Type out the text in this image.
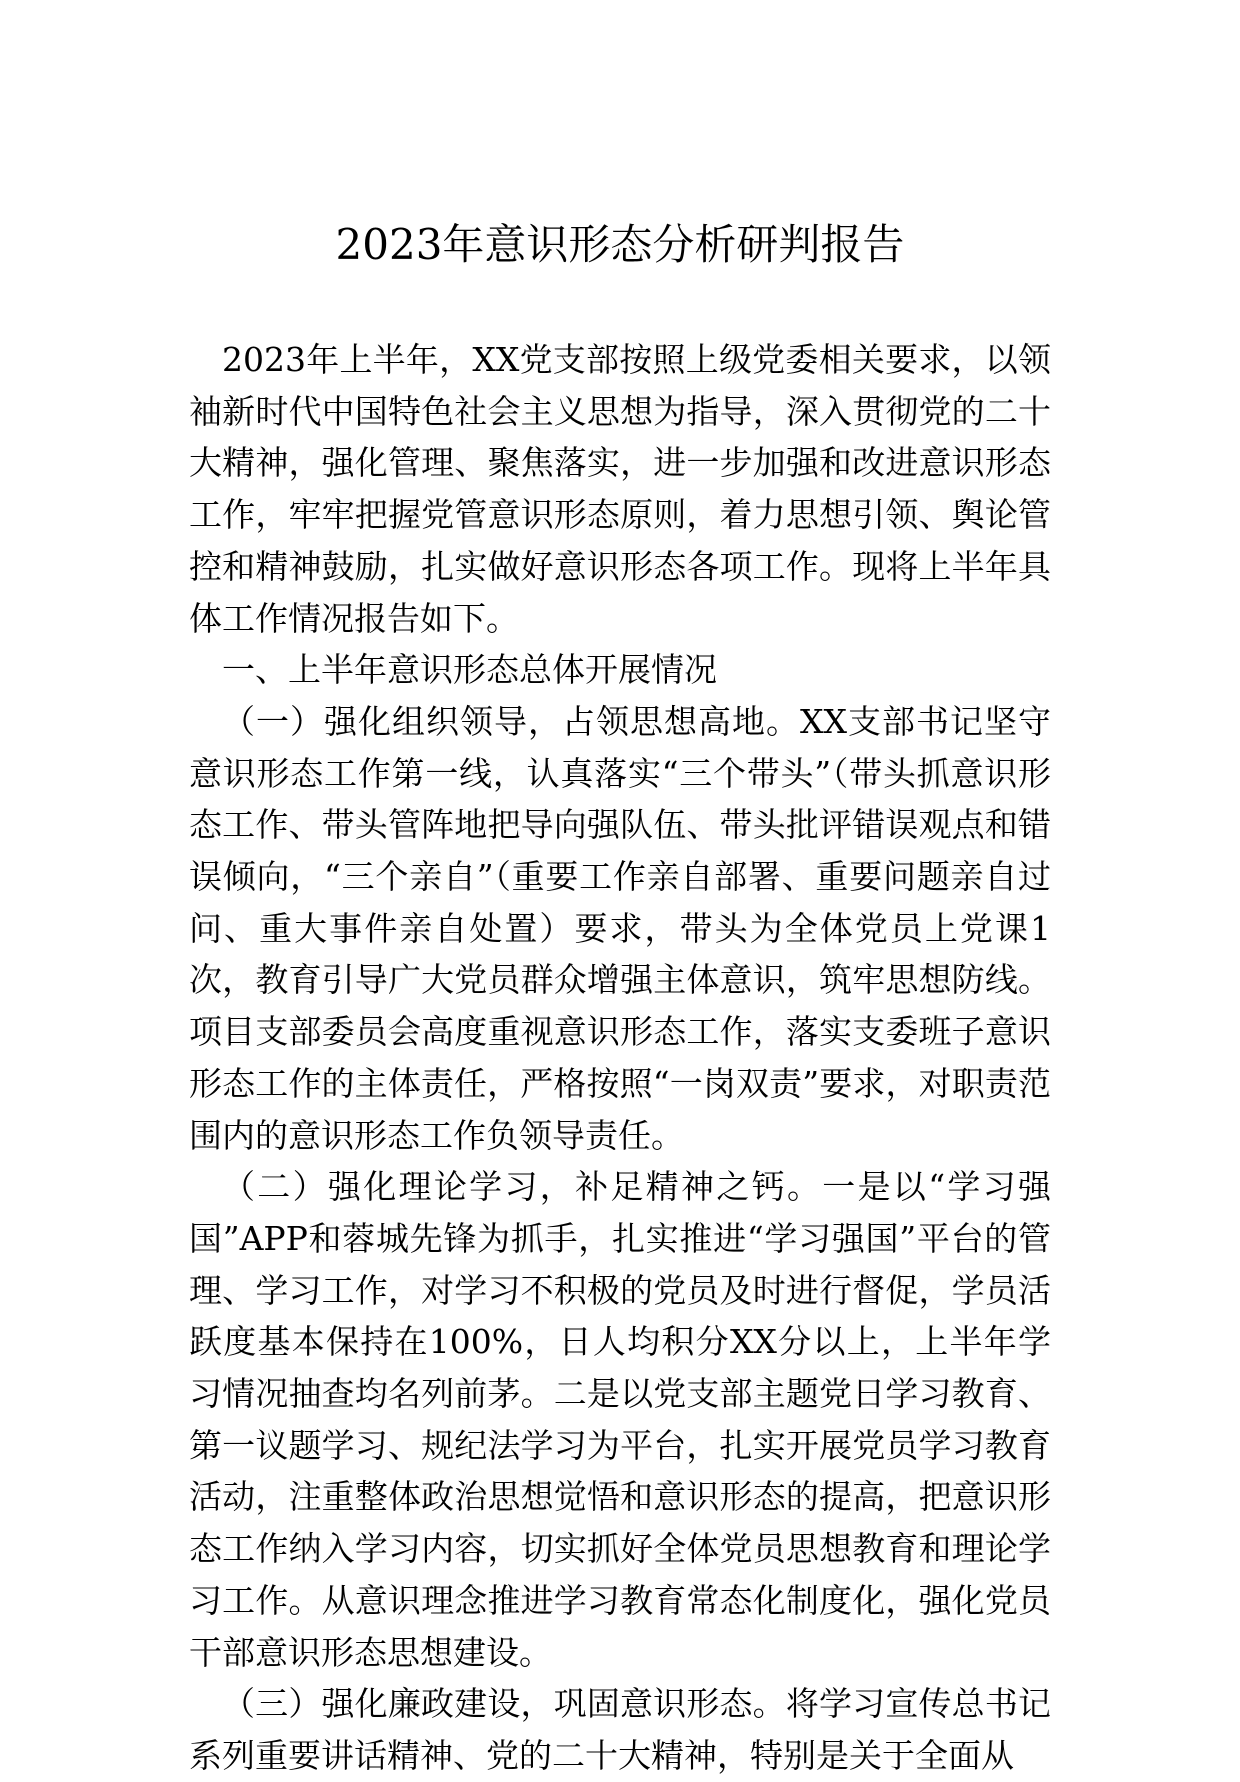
2023年意识形态分析研判报告

2023年上半年，XX党支部按照上级党委相关要求，以领袖新时代中国特色社会主义思想为指导，深入贯彻党的二十大精神，强化管理、聚焦落实，进一步加强和改进意识形态工作，牢牢把握党管意识形态原则，着力思想引领、舆论管控和精神鼓励，扎实做好意识形态各项工作。现将上半年具体工作情况报告如下。

一、上半年意识形态总体开展情况

（一）强化组织领导，占领思想高地。XX支部书记坚守意识形态工作第一线，认真落实“三个带头”（带头抓意识形态工作、带头管阵地把导向强队伍、带头批评错误观点和错误倾向，“三个亲自”（重要工作亲自部署、重要问题亲自过问、重大事件亲自处置）要求，带头为全体党员上党课1次，教育引导广大党员群众增强主体意识，筑牢思想防线。项目支部委员会高度重视意识形态工作，落实支委班子意识形态工作的主体责任，严格按照“一岗双责”要求，对职责范围内的意识形态工作负领导责任。

（二）强化理论学习，补足精神之钙。一是以“学习强国”APP和蓉城先锋为抓手，扎实推进“学习强国”平台的管理、学习工作，对学习不积极的党员及时进行督促，学员活跃度基本保持在100%，日人均积分XX分以上，上半年学习情况抽查均名列前茅。二是以党支部主题党日学习教育、第一议题学习、规纪法学习为平台，扎实开展党员学习教育活动，注重整体政治思想觉悟和意识形态的提高，把意识形态工作纳入学习内容，切实抓好全体党员思想教育和理论学习工作。从意识理念推进学习教育常态化制度化，强化党员干部意识形态思想建设。

（三）强化廉政建设，巩固意识形态。将学习宣传总书记系列重要讲话精神、党的二十大精神，特别是关于全面从
